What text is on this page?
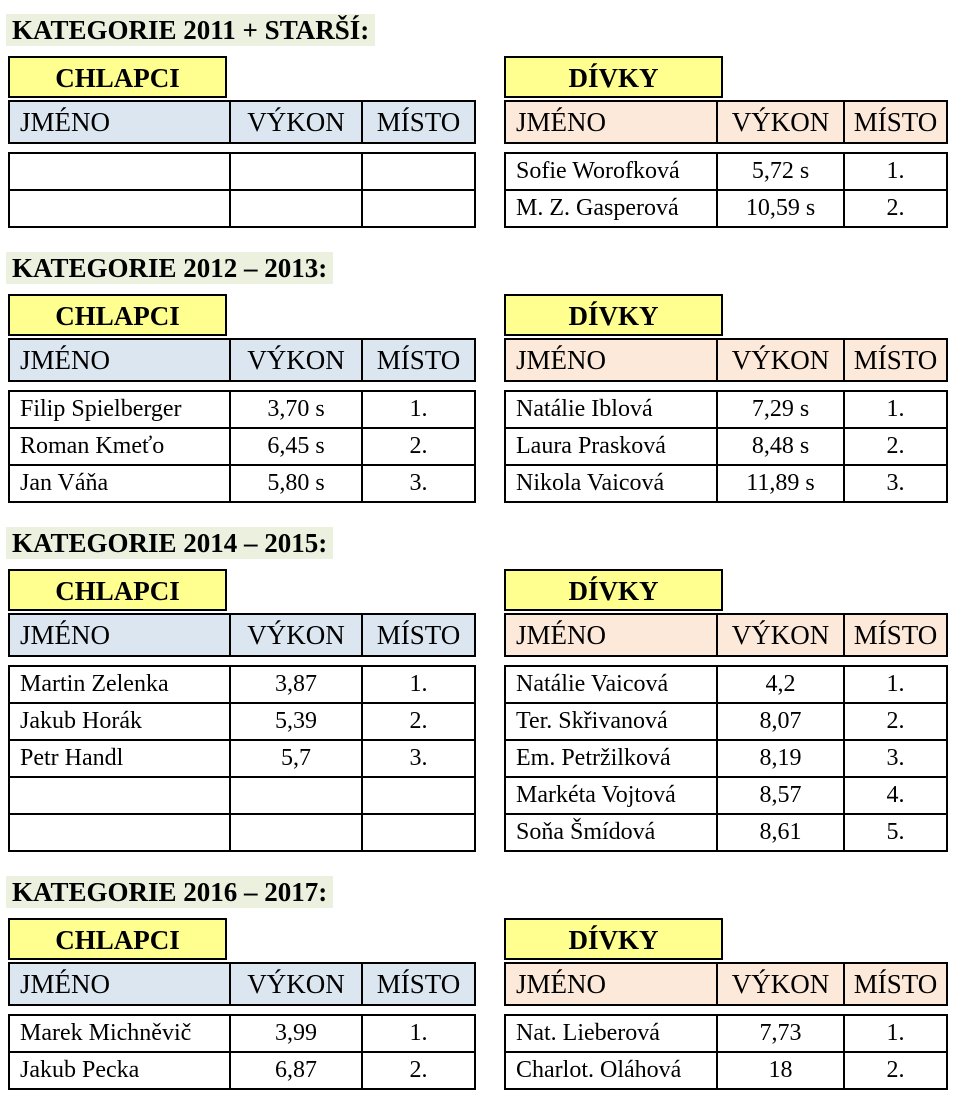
KATEGORIE 2011 + STARŠÍ:
CHLAPCI
JMÉNO	VÝKON	MÍSTO
DÍVKY
JMÉNO	VÝKON MÍSTO
Sofie Worofková	5,72 s	1.
M. Z. Gasperová	10,59 s	2.
KATEGORIE 2012 – 2013:
CHLAPCI
JMÉNO	VÝKON	MÍSTO
Filip Spielberger	3,70 s	1.
Roman Kmeťo	6,45 s	2.
Jan Váňa	5,80 s	3.
DÍVKY
JMÉNO	VÝKON MÍSTO
Natálie Iblová	7,29 s	1.
Laura Prasková	8,48 s	2.
Nikola Vaicová	11,89 s	3.
KATEGORIE 2014 – 2015:
CHLAPCI
JMÉNO	VÝKON	MÍSTO
Martin Zelenka	3,87	1.
Jakub Horák	5,39	2.
Petr Handl	5,7	3.
DÍVKY
JMÉNO	VÝKON MÍSTO
Natálie Vaicová	4,2	1.
Ter. Skřivanová	8,07	2.
Em. Petržilková	8,19	3.
Markéta Vojtová	8,57	4.
Soňa Šmídová	8,61	5.
KATEGORIE 2016 – 2017:
CHLAPCI
JMÉNO	VÝKON	MÍSTO
Marek Michněvič	3,99	1.
Jakub Pecka	6,87	2.
DÍVKY
JMÉNO	VÝKON MÍSTO
Nat. Lieberová	7,73	1.
Charlot. Oláhová	18	2.
